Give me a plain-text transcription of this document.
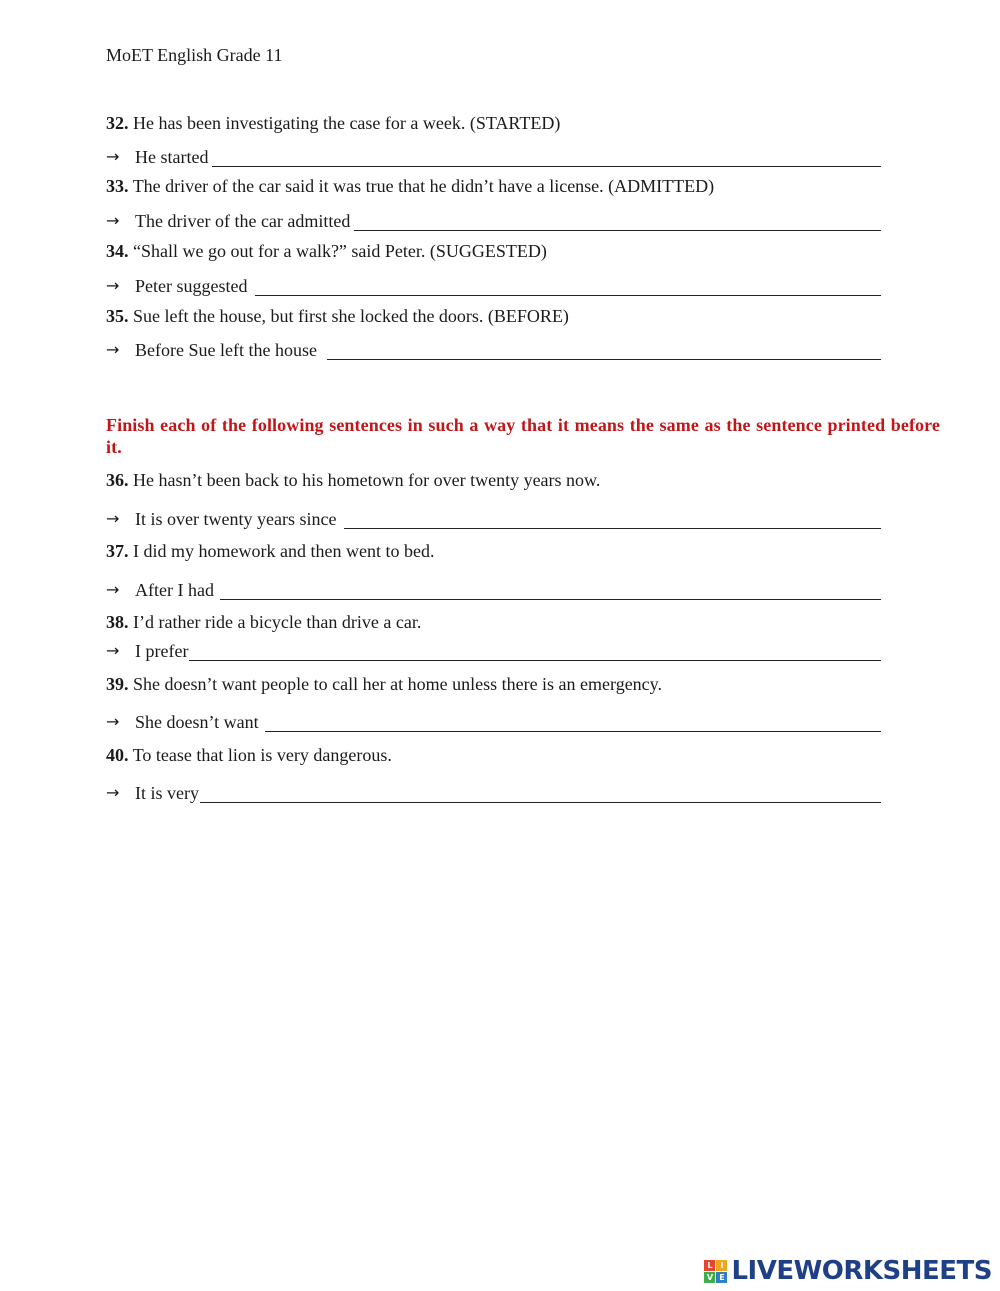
MoET English Grade 11
32. He has been investigating the case for a week. (STARTED)
→ He started
33. The driver of the car said it was true that he didn’t have a license. (ADMITTED)
→ The driver of the car admitted
34. “Shall we go out for a walk?” said Peter. (SUGGESTED)
→ Peter suggested
35. Sue left the house, but first she locked the doors. (BEFORE)
→ Before Sue left the house
Finish each of the following sentences in such a way that it means the same as the sentence printed before it.
36. He hasn’t been back to his hometown for over twenty years now.
→ It is over twenty years since
37. I did my homework and then went to bed.
→ After I had
38. I’d rather ride a bicycle than drive a car.
→ I prefer
39. She doesn’t want people to call her at home unless there is an emergency.
→ She doesn’t want
40. To tease that lion is very dangerous.
→ It is very
L I
V E LIVEWORKSHEETS
